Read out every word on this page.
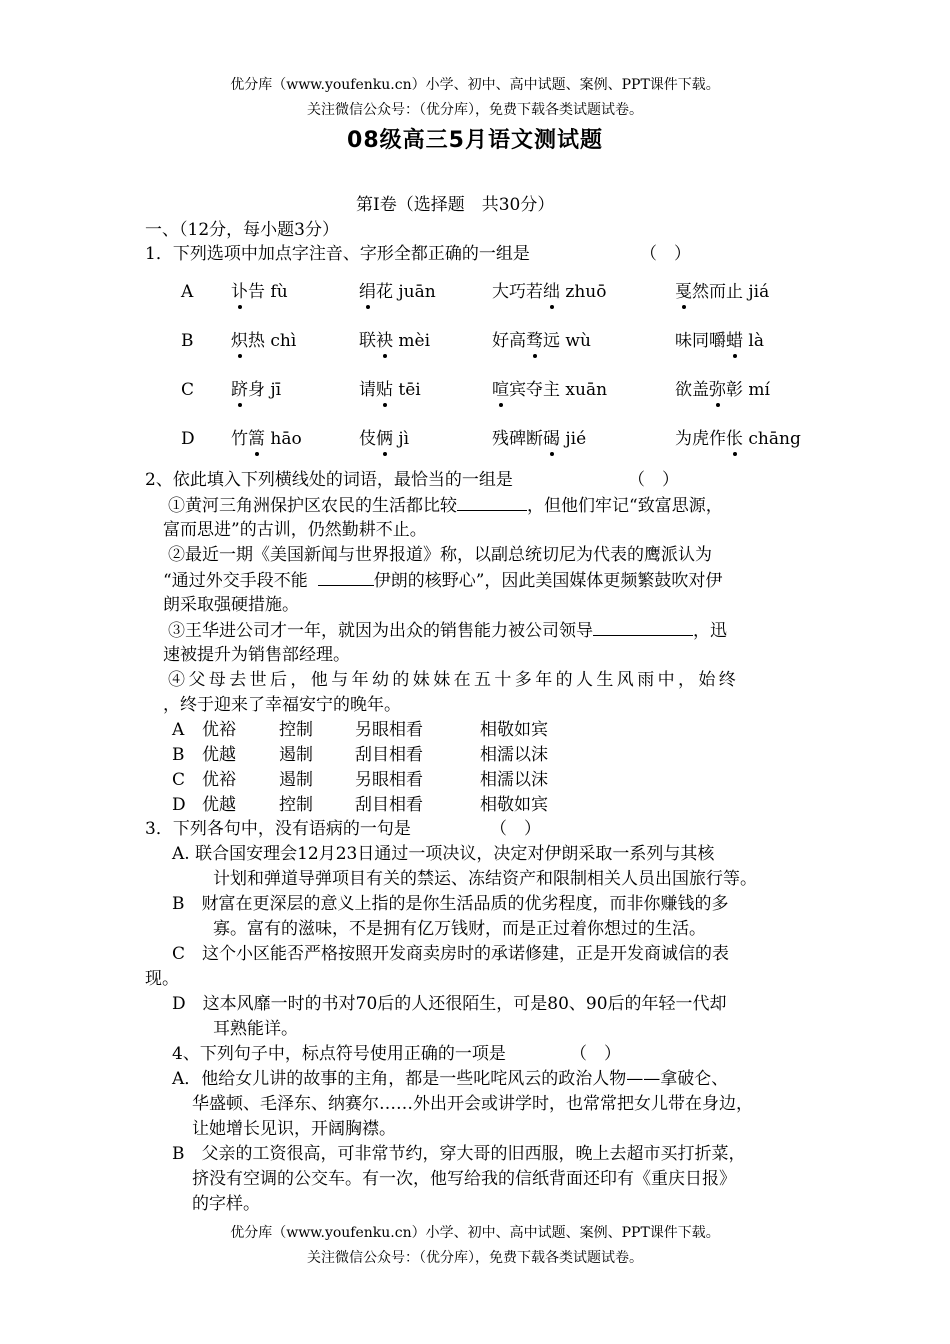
优分库（www.youfenku.cn）小学、初中、高中试题、案例、PPT课件下载。
关注微信公众号：（优分库），免费下载各类试题试卷。
08级高三5月语文测试题
第Ⅰ卷（选择题　共30分）
一、（12分，每小题3分）
1．下列选项中加点字注音、字形全都正确的一组是	（　）
A 讣告 fù	绢花 juān	大巧若绌 zhuō	戛然而止 jiá
B 炽热 chì	联袂 mèi	好高骛远 wù	味同嚼蜡 là
C 跻身 jī	请贴 tēi	喧宾夺主 xuān	欲盖弥彰 mí
D 竹篙 hāo	伎俩 jì	残碑断碣 jié	为虎作伥 chāng
2、依此填入下列横线处的词语，最恰当的一组是	（　）
①黄河三角洲保护区农民的生活都比较	，但他们牢记“致富思源，
富而思进”的古训，仍然勤耕不止。
②最近一期《美国新闻与世界报道》称，以副总统切尼为代表的鹰派认为
“通过外交手段不能	伊朗的核野心”，因此美国媒体更频繁鼓吹对伊
朗采取强硬措施。
③王华进公司才一年，就因为出众的销售能力被公司领导	，迅
速被提升为销售部经理。
④父母去世后，他与年幼的妹妹在五十多年的人生风雨中，始终
，终于迎来了幸福安宁的晚年。
A 优裕	控制 另眼相看	相敬如宾
B 优越	遏制 刮目相看	相濡以沫
C 优裕	遏制 另眼相看	相濡以沫
D 优越	控制 刮目相看	相敬如宾
3．下列各句中，没有语病的一句是	（　）
A. 联合国安理会12月23日通过一项决议，决定对伊朗采取一系列与其核
计划和弹道导弹项目有关的禁运、冻结资产和限制相关人员出国旅行等。
B　财富在更深层的意义上指的是你生活品质的优劣程度，而非你赚钱的多
寡。富有的滋味，不是拥有亿万钱财，而是正过着你想过的生活。
C　这个小区能否严格按照开发商卖房时的承诺修建，正是开发商诚信的表
现。
D　这本风靡一时的书对70后的人还很陌生，可是80、90后的年轻一代却
耳熟能详。
4、下列句子中，标点符号使用正确的一项是	（　）
A．他给女儿讲的故事的主角，都是一些叱咤风云的政治人物——拿破仑、
华盛顿、毛泽东、纳赛尔……外出开会或讲学时，也常常把女儿带在身边，
让她增长见识，开阔胸襟。
B　父亲的工资很高，可非常节约，穿大哥的旧西服，晚上去超市买打折菜，
挤没有空调的公交车。有一次，他写给我的信纸背面还印有《重庆日报》
的字样。
优分库（www.youfenku.cn）小学、初中、高中试题、案例、PPT课件下载。
关注微信公众号：（优分库），免费下载各类试题试卷。
